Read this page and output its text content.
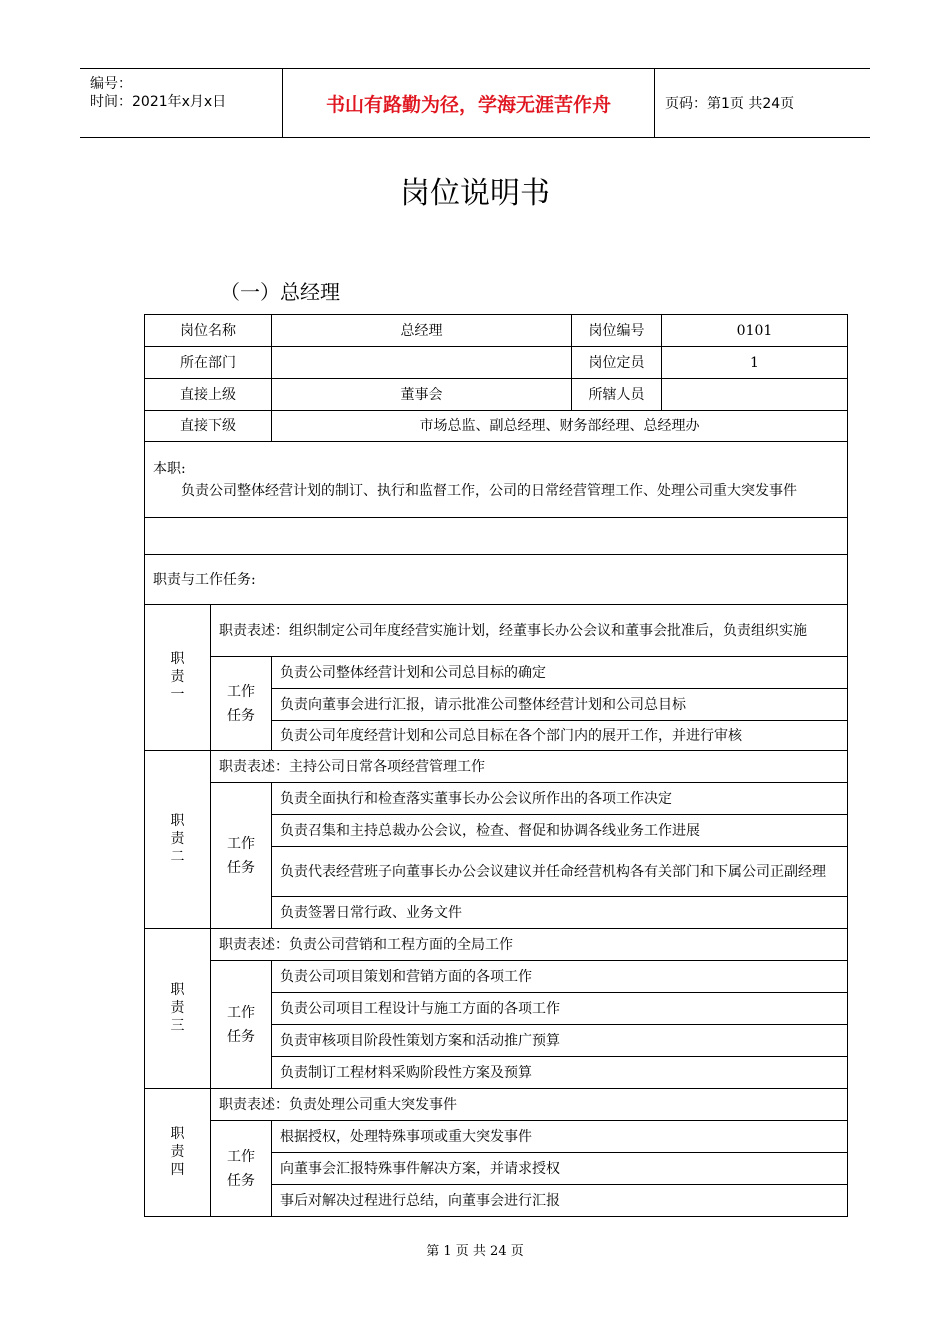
编号：
时间：2021年x月x日	书山有路勤为径，学海无涯苦作舟	页码：第1页 共24页
岗位说明书
（一）总经理
岗位名称		总经理	岗位编号	0101
所在部门			岗位定员	1
直接上级		董事会	所辖人员	
直接下级		市场总监、副总经理、财务部经理、总经理办		

本职:
负责公司整体经营计划的制订、执行和监督工作，公司的日常经营管理工作、处理公司重大突发事件				

职责与工作任务:				
职责一	职责表述：组织制定公司年度经营实施计划，经董事长办公会议和董事会批准后，负责组织实施			
	工作任务	负责公司整体经营计划和公司总目标的确定		
		负责向董事会进行汇报，请示批准公司整体经营计划和公司总目标		
		负责公司年度经营计划和公司总目标在各个部门内的展开工作，并进行审核		
职责二	职责表述：主持公司日常各项经营管理工作			
	工作任务	负责全面执行和检查落实董事长办公会议所作出的各项工作决定		
		负责召集和主持总裁办公会议，检查、督促和协调各线业务工作进展		
		负责代表经营班子向董事长办公会议建议并任命经营机构各有关部门和下属公司正副经理		
		负责签署日常行政、业务文件		
职责三	职责表述：负责公司营销和工程方面的全局工作			
	工作任务	负责公司项目策划和营销方面的各项工作		
		负责公司项目工程设计与施工方面的各项工作		
		负责审核项目阶段性策划方案和活动推广预算		
		负责制订工程材料采购阶段性方案及预算		
职责四	职责表述：负责处理公司重大突发事件			
	工作任务	根据授权，处理特殊事项或重大突发事件		
		向董事会汇报特殊事件解决方案，并请求授权		
		事后对解决过程进行总结，向董事会进行汇报		
第 1 页 共 24 页
